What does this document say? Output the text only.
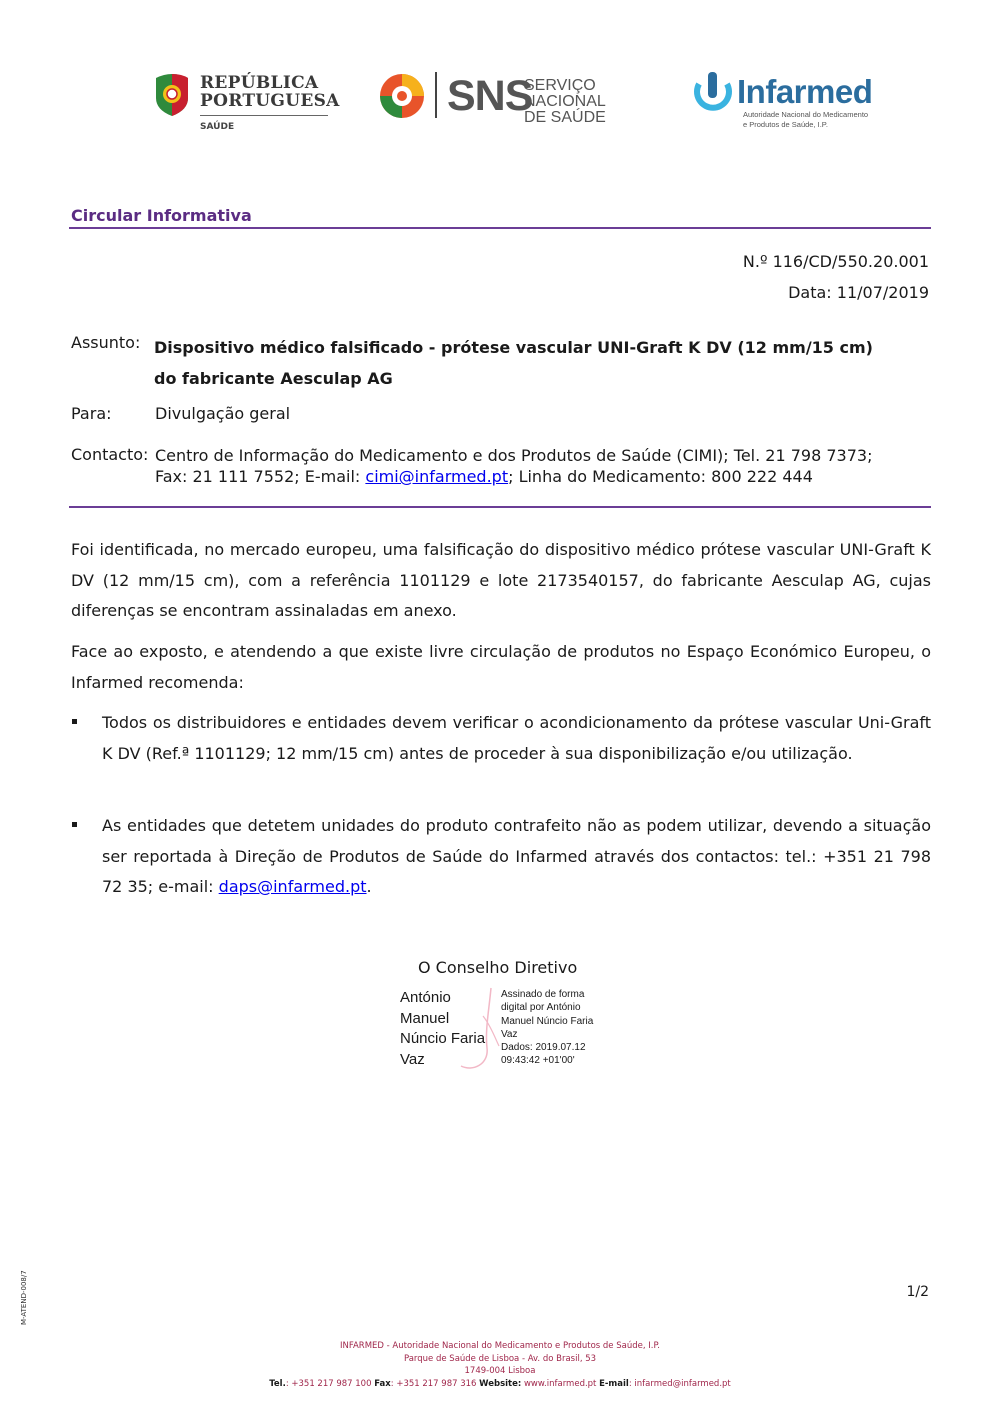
REPÚBLICA
PORTUGUESA
SAÚDE
SNS
SERVIÇO NACIONAL
DE SAÚDE
Infarmed
Autoridade Nacional do Medicamento
e Produtos de Saúde, I.P.
Circular Informativa
N.º 116/CD/550.20.001
Data: 11/07/2019
Assunto: Dispositivo médico falsificado - prótese vascular UNI-Graft K DV (12 mm/15 cm)
do fabricante Aesculap AG
Para:	Divulgação geral
Contacto: Centro de Informação do Medicamento e dos Produtos de Saúde (CIMI); Tel. 21 798 7373;
Fax: 21 111 7552; E-mail: cimi@infarmed.pt; Linha do Medicamento: 800 222 444
Foi identificada, no mercado europeu, uma falsificação do dispositivo médico prótese vascular UNI-Graft K DV (12 mm/15 cm), com a referência 1101129 e lote 2173540157, do fabricante Aesculap AG, cujas diferenças se encontram assinaladas em anexo.
Face ao exposto, e atendendo a que existe livre circulação de produtos no Espaço Económico Europeu, o Infarmed recomenda:
Todos os distribuidores e entidades devem verificar o acondicionamento da prótese vascular Uni-Graft K DV (Ref.ª 1101129; 12 mm/15 cm) antes de proceder à sua disponibilização e/ou utilização.
As entidades que detetem unidades do produto contrafeito não as podem utilizar, devendo a situação ser reportada à Direção de Produtos de Saúde do Infarmed através dos contactos: tel.: +351 21 798 72 35; e-mail: daps@infarmed.pt.
O Conselho Diretivo
António
Manuel
Núncio Faria
Vaz
Assinado de forma
digital por António
Manuel Núncio Faria
Vaz
Dados: 2019.07.12
09:43:42 +01'00'
1/2
M-ATEND-008/7
INFARMED - Autoridade Nacional do Medicamento e Produtos de Saúde, I.P.
Parque de Saúde de Lisboa - Av. do Brasil, 53
1749-004 Lisboa
Tel.: +351 217 987 100 Fax: +351 217 987 316 Website: www.infarmed.pt E-mail: infarmed@infarmed.pt
